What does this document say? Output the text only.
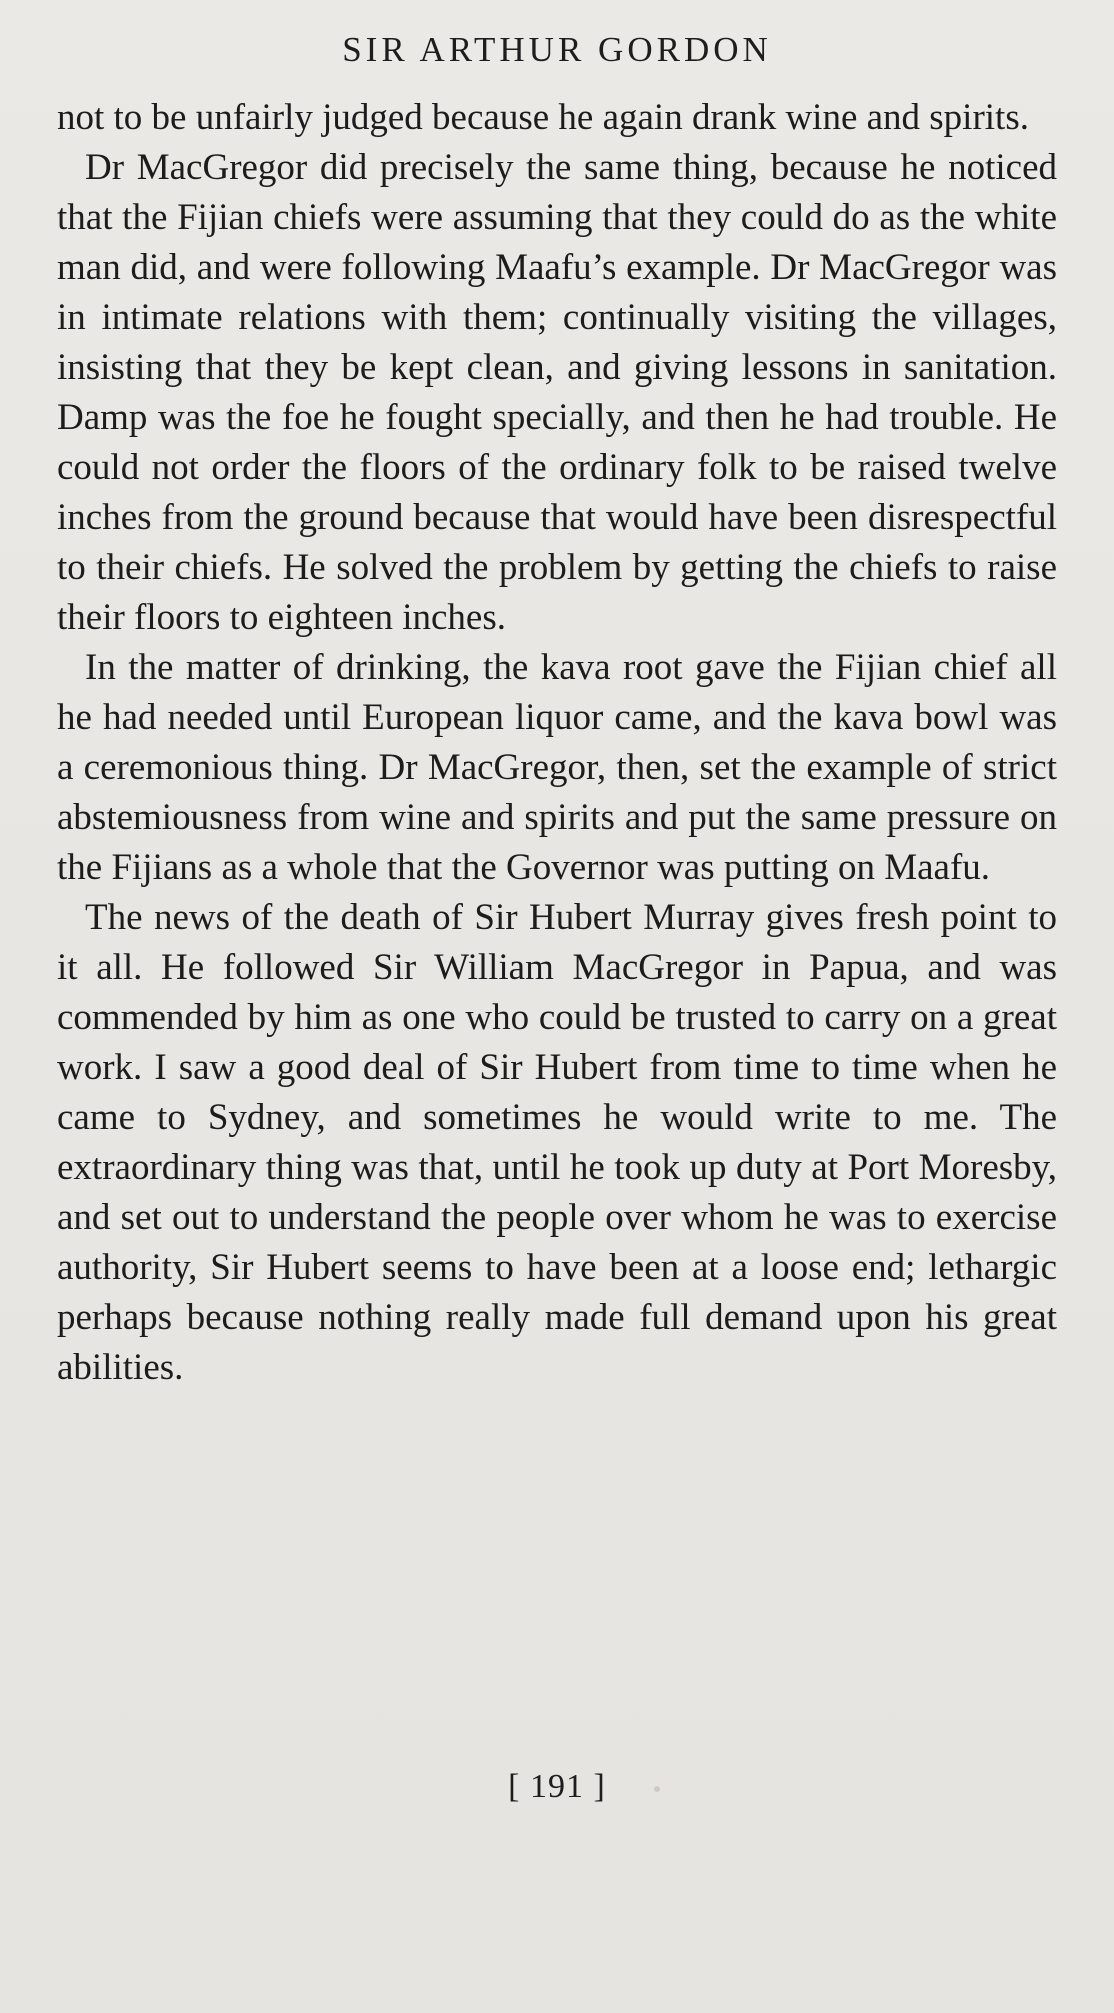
SIR ARTHUR GORDON

not to be unfairly judged because he again drank wine and spirits.

Dr MacGregor did precisely the same thing, because he noticed that the Fijian chiefs were assuming that they could do as the white man did, and were following Maafu’s example. Dr MacGregor was in intimate relations with them; continually visiting the villages, insisting that they be kept clean, and giving lessons in sanitation. Damp was the foe he fought specially, and then he had trouble. He could not order the floors of the ordinary folk to be raised twelve inches from the ground because that would have been disrespectful to their chiefs. He solved the problem by getting the chiefs to raise their floors to eighteen inches.

In the matter of drinking, the kava root gave the Fijian chief all he had needed until European liquor came, and the kava bowl was a ceremonious thing. Dr MacGregor, then, set the example of strict abstemiousness from wine and spirits and put the same pressure on the Fijians as a whole that the Governor was putting on Maafu.

The news of the death of Sir Hubert Murray gives fresh point to it all. He followed Sir William MacGregor in Papua, and was commended by him as one who could be trusted to carry on a great work. I saw a good deal of Sir Hubert from time to time when he came to Sydney, and sometimes he would write to me. The extraordinary thing was that, until he took up duty at Port Moresby, and set out to understand the people over whom he was to exercise authority, Sir Hubert seems to have been at a loose end; lethargic perhaps because nothing really made full demand upon his great abilities.

[ 191 ]
